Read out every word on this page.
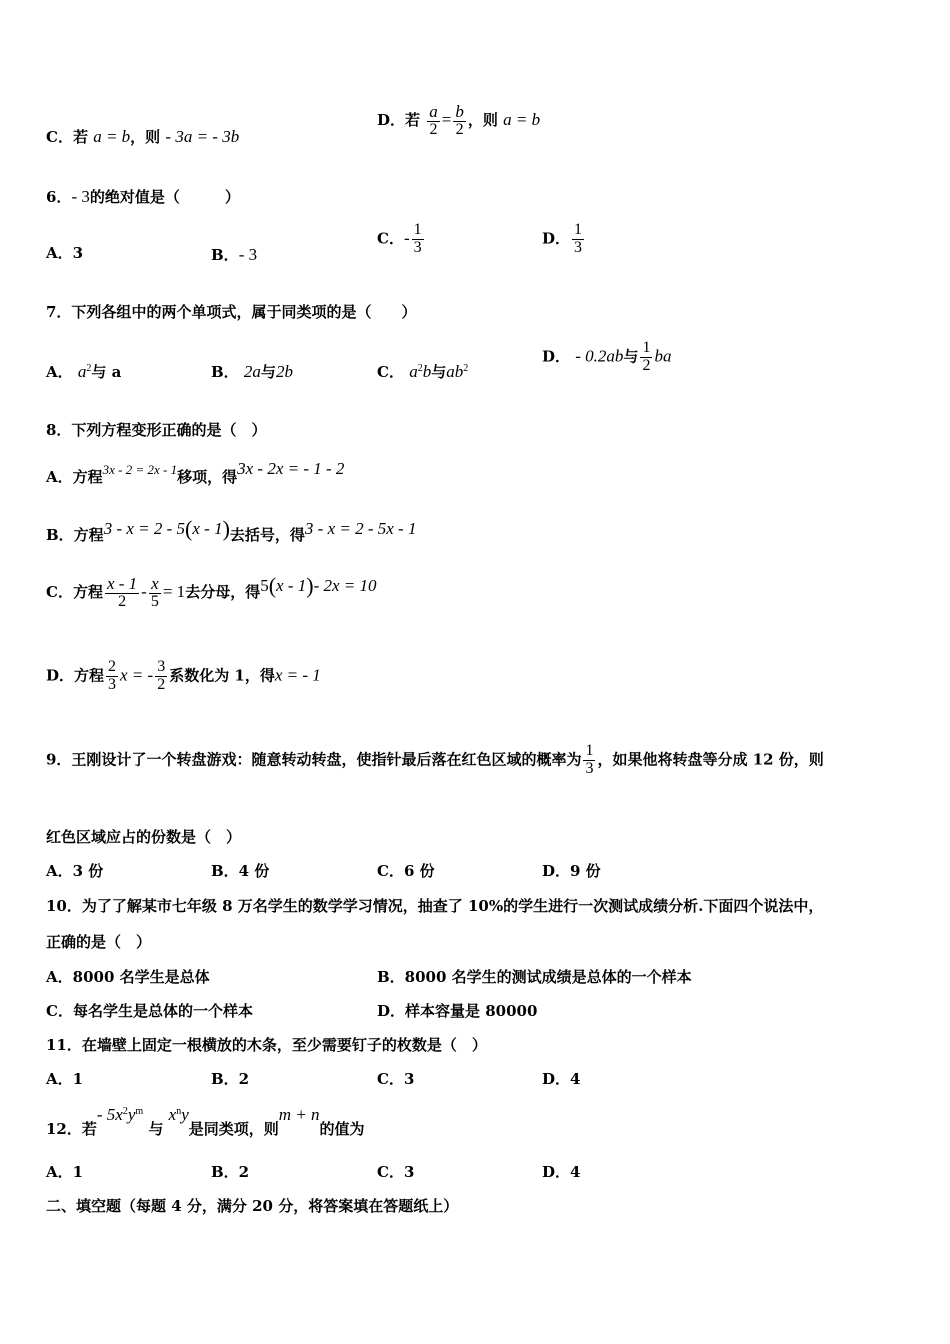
C．若 a = b，则 - 3a = - 3b
D．若 $\frac{a}{2} = \frac{b}{2}$ ，则 a = b
6．- 3的绝对值是（　　　）
A．3	B．- 3
C．- $\frac{1}{3}$	D． $\frac{1}{3}$
7．下列各组中的两个单项式，属于同类项的是（　　）
A． $a^2$与 a	B． 2a与2b	C． $a^2b$与$ab^2$
D． - 0.2ab与 $\frac{1}{2}$ ba
8．下列方程变形正确的是（　）
A．方程3x - 2 = 2x - 1移项，得3x - 2x = - 1 - 2
B．方程3 - x = 2 - 5(x - 1)去括号，得3 - x = 2 - 5x - 1
C．方程 $\frac{x - 1}{2} - \frac{x}{5} = 1$去分母，得5(x - 1)- 2x = 10
D．方程 $\frac{2}{3}$ x = - $\frac{3}{2}$ 系数化为 1，得x = - 1
9．王刚设计了一个转盘游戏：随意转动转盘，使指针最后落在红色区域的概率为 $\frac{1}{3}$ ，如果他将转盘等分成 12 份，则
红色区域应占的份数是（　）
A．3 份	B．4 份	C．6 份	D．9 份
10．为了了解某市七年级 8 万名学生的数学学习情况，抽查了 10%的学生进行一次测试成绩分析.下面四个说法中，
正确的是（　）
A．8000 名学生是总体	B．8000 名学生的测试成绩是总体的一个样本
C．每名学生是总体的一个样本	D．样本容量是 80000
11．在墙壁上固定一根横放的木条，至少需要钉子的枚数是（　）
A．1	B．2	C．3	D．4
12．若- $5x^2y^m$ 与 $x^ny$是同类项，则m + n的值为
A．1	B．2	C．3	D．4
二、填空题（每题 4 分，满分 20 分，将答案填在答题纸上）
